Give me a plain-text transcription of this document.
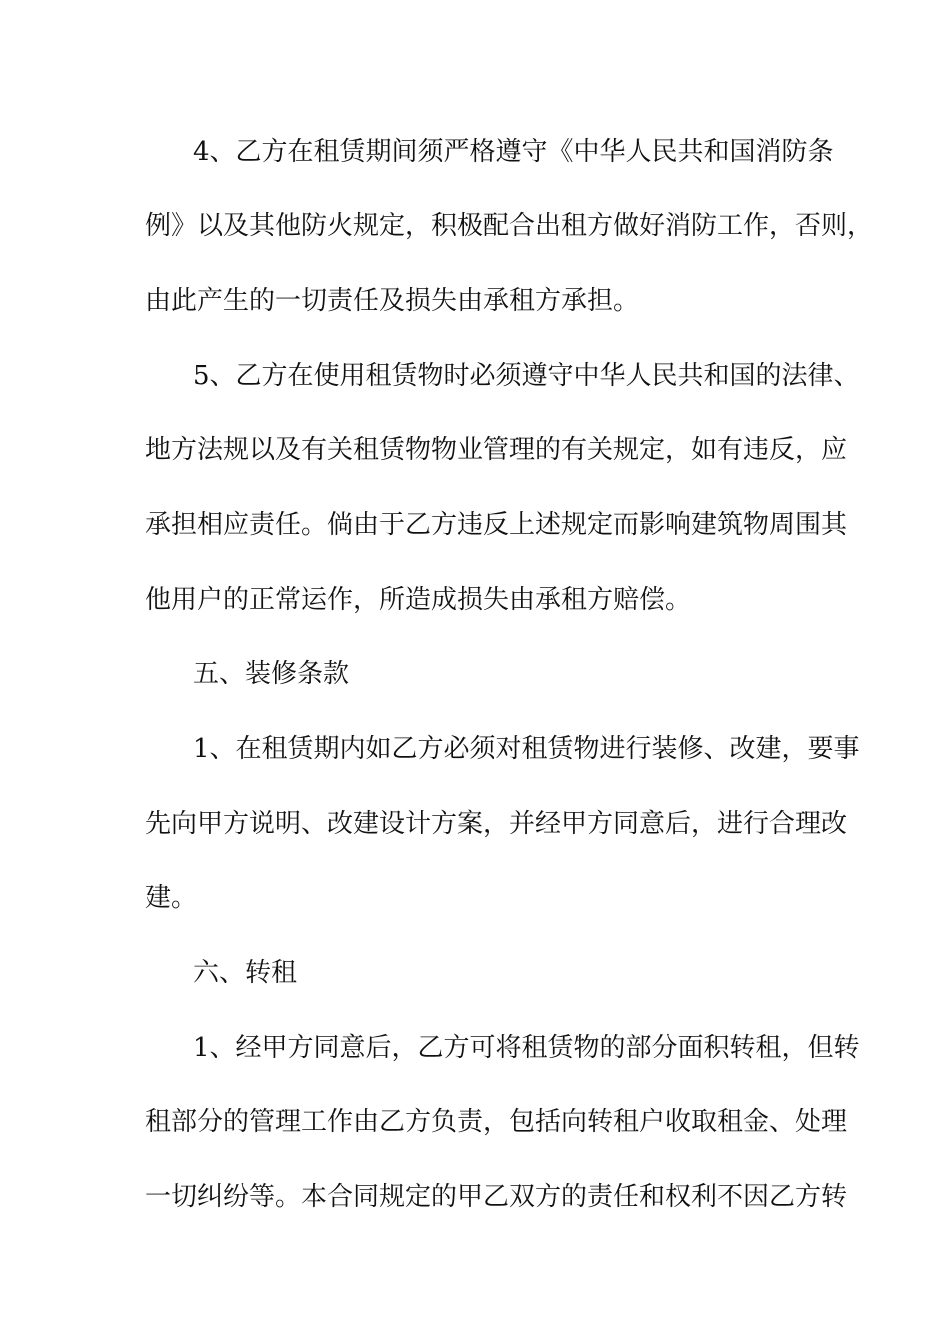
4、乙方在租赁期间须严格遵守《中华人民共和国消防条
例》以及其他防火规定，积极配合出租方做好消防工作，否则，
由此产生的一切责任及损失由承租方承担。
5、乙方在使用租赁物时必须遵守中华人民共和国的法律、
地方法规以及有关租赁物物业管理的有关规定，如有违反，应
承担相应责任。倘由于乙方违反上述规定而影响建筑物周围其
他用户的正常运作，所造成损失由承租方赔偿。
五、装修条款
1、在租赁期内如乙方必须对租赁物进行装修、改建，要事
先向甲方说明、改建设计方案，并经甲方同意后，进行合理改
建。
六、转租
1、经甲方同意后，乙方可将租赁物的部分面积转租，但转
租部分的管理工作由乙方负责，包括向转租户收取租金、处理
一切纠纷等。本合同规定的甲乙双方的责任和权利不因乙方转
